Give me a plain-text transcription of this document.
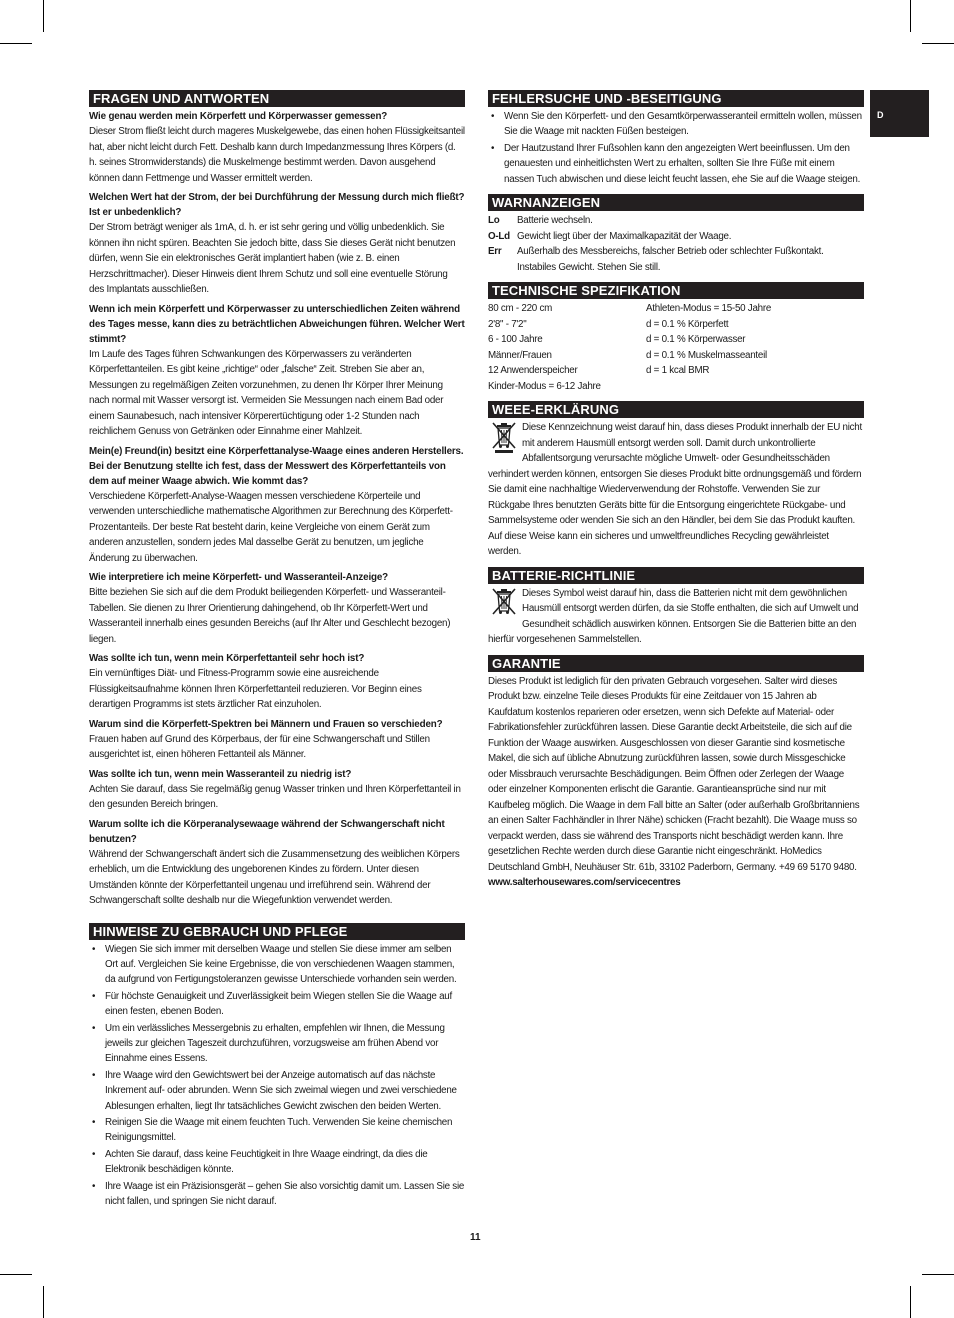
D
FRAGEN UND ANTWORTEN

Wie genau werden mein Körperfett und Körperwasser gemessen?

Dieser Strom fließt leicht durch mageres Muskelgewebe, das einen hohen Flüssigkeitsanteil hat, aber nicht leicht durch Fett. Deshalb kann durch Impedanzmessung Ihres Körpers (d. h. seines Stromwiderstands) die Muskelmenge bestimmt werden. Davon ausgehend können dann Fettmenge und Wasser ermittelt werden.

Welchen Wert hat der Strom, der bei Durchführung der Messung durch mich fließt? Ist er unbedenklich?

Der Strom beträgt weniger als 1mA, d. h. er ist sehr gering und völlig unbedenklich. Sie können ihn nicht spüren. Beachten Sie jedoch bitte, dass Sie dieses Gerät nicht benutzen dürfen, wenn Sie ein elektronisches Gerät implantiert haben (wie z. B. einen Herzschrittmacher). Dieser Hinweis dient Ihrem Schutz und soll eine eventuelle Störung des Implantats ausschließen.

Wenn ich mein Körperfett und Körperwasser zu unterschiedlichen Zeiten während des Tages messe, kann dies zu beträchtlichen Abweichungen führen. Welcher Wert stimmt?

Im Laufe des Tages führen Schwankungen des Körperwassers zu veränderten Körperfettanteilen. Es gibt keine „richtige“ oder „falsche“ Zeit. Streben Sie aber an, Messungen zu regelmäßigen Zeiten vorzunehmen, zu denen Ihr Körper Ihrer Meinung nach normal mit Wasser versorgt ist. Vermeiden Sie Messungen nach einem Bad oder einem Saunabesuch, nach intensiver Körperertüchtigung oder 1-2 Stunden nach reichlichem Genuss von Getränken oder Einnahme einer Mahlzeit.

Mein(e) Freund(in) besitzt eine Körperfettanalyse-Waage eines anderen Herstellers. Bei der Benutzung stellte ich fest, dass der Messwert des Körperfettanteils von dem auf meiner Waage abwich. Wie kommt das?

Verschiedene Körperfett-Analyse-Waagen messen verschiedene Körperteile und verwenden unterschiedliche mathematische Algorithmen zur Berechnung des Körperfett-Prozentanteils. Der beste Rat besteht darin, keine Vergleiche von einem Gerät zum anderen anzustellen, sondern jedes Mal dasselbe Gerät zu benutzen, um jegliche Änderung zu überwachen.

Wie interpretiere ich meine Körperfett- und Wasseranteil-Anzeige?

Bitte beziehen Sie sich auf die dem Produkt beiliegenden Körperfett- und Wasseranteil-Tabellen. Sie dienen zu Ihrer Orientierung dahingehend, ob Ihr Körperfett-Wert und Wasseranteil innerhalb eines gesunden Bereichs (auf Ihr Alter und Geschlecht bezogen) liegen.

Was sollte ich tun, wenn mein Körperfettanteil sehr hoch ist?

Ein vernünftiges Diät- und Fitness-Programm sowie eine ausreichende Flüssigkeitsaufnahme können Ihren Körperfettanteil reduzieren. Vor Beginn eines derartigen Programms ist stets ärztlicher Rat einzuholen.

Warum sind die Körperfett-Spektren bei Männern und Frauen so verschieden?

Frauen haben auf Grund des Körperbaus, der für eine Schwangerschaft und Stillen ausgerichtet ist, einen höheren Fettanteil als Männer.

Was sollte ich tun, wenn mein Wasseranteil zu niedrig ist?

Achten Sie darauf, dass Sie regelmäßig genug Wasser trinken und Ihren Körperfettanteil in den gesunden Bereich bringen.

Warum sollte ich die Körperanalysewaage während der Schwangerschaft nicht benutzen?

Während der Schwangerschaft ändert sich die Zusammensetzung des weiblichen Körpers erheblich, um die Entwicklung des ungeborenen Kindes zu fördern. Unter diesen Umständen könnte der Körperfettanteil ungenau und irreführend sein. Während der Schwangerschaft sollte deshalb nur die Wiegefunktion verwendet werden.

HINWEISE ZU GEBRAUCH UND PFLEGE
• Wiegen Sie sich immer mit derselben Waage und stellen Sie diese immer am selben Ort auf. Vergleichen Sie keine Ergebnisse, die von verschiedenen Waagen stammen, da aufgrund von Fertigungstoleranzen gewisse Unterschiede vorhanden sein werden.
• Für höchste Genauigkeit und Zuverlässigkeit beim Wiegen stellen Sie die Waage auf einen festen, ebenen Boden.
• Um ein verlässliches Messergebnis zu erhalten, empfehlen wir Ihnen, die Messung jeweils zur gleichen Tageszeit durchzuführen, vorzugsweise am frühen Abend vor Einnahme eines Essens.
• Ihre Waage wird den Gewichtswert bei der Anzeige automatisch auf das nächste Inkrement auf- oder abrunden. Wenn Sie sich zweimal wiegen und zwei verschiedene Ablesungen erhalten, liegt Ihr tatsächliches Gewicht zwischen den beiden Werten.
• Reinigen Sie die Waage mit einem feuchten Tuch. Verwenden Sie keine chemischen Reinigungsmittel.
• Achten Sie darauf, dass keine Feuchtigkeit in Ihre Waage eindringt, da dies die Elektronik beschädigen könnte.
• Ihre Waage ist ein Präzisionsgerät – gehen Sie also vorsichtig damit um. Lassen Sie sie nicht fallen, und springen Sie nicht darauf.
FEHLERSUCHE UND -BESEITIGUNG
• Wenn Sie den Körperfett- und den Gesamtkörperwasseranteil ermitteln wollen, müssen Sie die Waage mit nackten Füßen besteigen.
• Der Hautzustand Ihrer Fußsohlen kann den angezeigten Wert beeinflussen. Um den genauesten und einheitlichsten Wert zu erhalten, sollten Sie Ihre Füße mit einem nassen Tuch abwischen und diese leicht feucht lassen, ehe Sie auf die Waage steigen.
WARNANZEIGEN
Lo	Batterie wechseln.
O-Ld Gewicht liegt über der Maximalkapazität der Waage.
Err	Außerhalb des Messbereichs, falscher Betrieb oder schlechter Fußkontakt. Instabiles Gewicht. Stehen Sie still.
TECHNISCHE SPEZIFIKATION
80 cm - 220 cm
2'8" - 7'2"
6 - 100 Jahre
Männer/Frauen
12 Anwenderspeicher
Kinder-Modus = 6-12 Jahre
Athleten-Modus = 15-50 Jahre
d = 0.1 % Körperfett
d = 0.1 % Körperwasser
d = 0.1 % Muskelmasseanteil
d = 1 kcal BMR
WEEE-ERKLÄRUNG
Diese Kennzeichnung weist darauf hin, dass dieses Produkt innerhalb der EU nicht mit anderem Hausmüll entsorgt werden soll. Damit durch unkontrollierte Abfallentsorgung verursachte mögliche Umwelt- oder Gesundheitsschäden verhindert werden können, entsorgen Sie dieses Produkt bitte ordnungsgemäß und fördern Sie damit eine nachhaltige Wiederverwendung der Rohstoffe. Verwenden Sie zur Rückgabe Ihres benutzten Geräts bitte für die Entsorgung eingerichtete Rückgabe- und Sammelsysteme oder wenden Sie sich an den Händler, bei dem Sie das Produkt kauften. Auf diese Weise kann ein sicheres und umweltfreundliches Recycling gewährleistet werden.
BATTERIE-RICHTLINIE
Dieses Symbol weist darauf hin, dass die Batterien nicht mit dem gewöhnlichen Hausmüll entsorgt werden dürfen, da sie Stoffe enthalten, die sich auf Umwelt und Gesundheit schädlich auswirken können. Entsorgen Sie die Batterien bitte an den hierfür vorgesehenen Sammelstellen.
GARANTIE

Dieses Produkt ist lediglich für den privaten Gebrauch vorgesehen. Salter wird dieses Produkt bzw. einzelne Teile dieses Produkts für eine Zeitdauer von 15 Jahren ab Kaufdatum kostenlos reparieren oder ersetzen, wenn sich Defekte auf Material- oder Fabrikationsfehler zurückführen lassen. Diese Garantie deckt Arbeitsteile, die sich auf die Funktion der Waage auswirken. Ausgeschlossen von dieser Garantie sind kosmetische Makel, die sich auf übliche Abnutzung zurückführen lassen, sowie durch Missgeschicke oder Missbrauch verursachte Beschädigungen. Beim Öffnen oder Zerlegen der Waage oder einzelner Komponenten erlischt die Garantie. Garantieansprüche sind nur mit Kaufbeleg möglich. Die Waage in dem Fall bitte an Salter (oder außerhalb Großbritanniens an einen Salter Fachhändler in Ihrer Nähe) schicken (Fracht bezahlt). Die Waage muss so verpackt werden, dass sie während des Transports nicht beschädigt werden kann. Ihre gesetzlichen Rechte werden durch diese Garantie nicht eingeschränkt. HoMedics Deutschland GmbH, Neuhäuser Str. 61b, 33102 Paderborn, Germany. +49 69 5170 9480.

www.salterhousewares.com/servicecentres

11
